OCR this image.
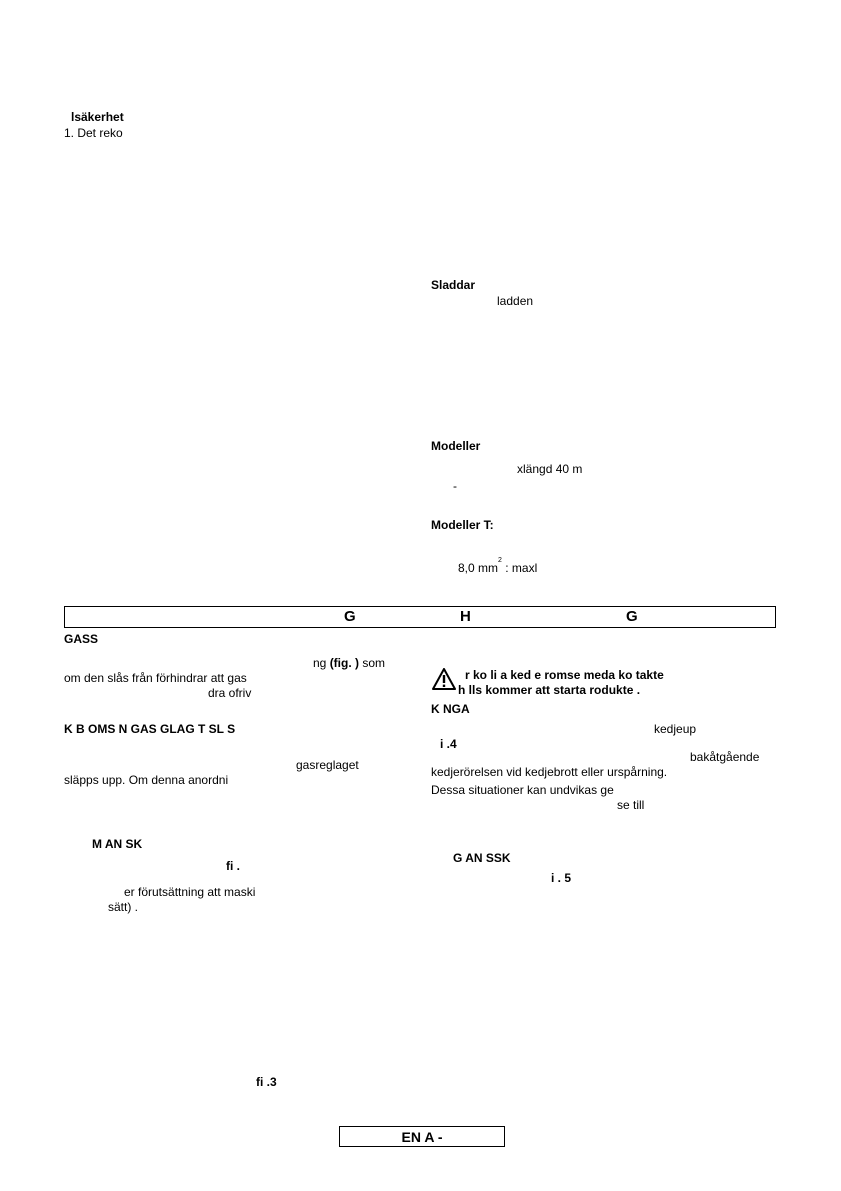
lsäkerhet
1. Det reko
Sladdar
ladden
Modeller
xlängd 40 m
-
Modeller T:
8,0 $mm^2$ : maxl
G	H	G
GASS
ng (fig. ) som
om den slås från förhindrar att gas
dra ofriv
K B OMS N GAS GLAG T SL S
gasreglaget
släpps upp. Om denna anordni
M AN SK
fi .
er förutsättning att maski
sätt) .
fi .3
r ko li a ked e romse meda ko takte
h lls kommer att starta rodukte .
K NGA
kedjeup
i .4
bakåtgående
kedjerörelsen vid kedjebrott eller urspårning.
Dessa situationer kan undvikas ge
se till
G AN SSK
i . 5
EN A -
